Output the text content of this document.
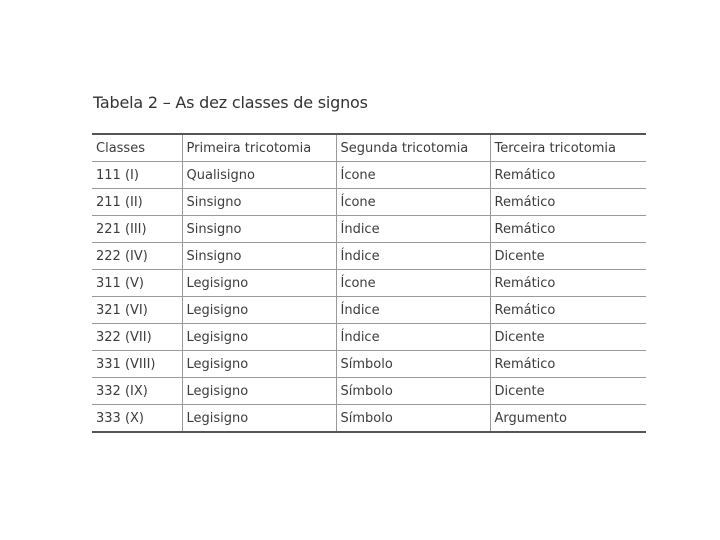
Tabela 2 – As dez classes de signos
Classes	Primeira tricotomia	Segunda tricotomia	Terceira tricotomia
111 (I)	Qualisigno	Ícone	Remático
211 (II)	Sinsigno	Ícone	Remático
221 (III)	Sinsigno	Índice	Remático
222 (IV)	Sinsigno	Índice	Dicente
311 (V)	Legisigno	Ícone	Remático
321 (VI)	Legisigno	Índice	Remático
322 (VII)	Legisigno	Índice	Dicente
331 (VIII)	Legisigno	Símbolo	Remático
332 (IX)	Legisigno	Símbolo	Dicente
333 (X)	Legisigno	Símbolo	Argumento
